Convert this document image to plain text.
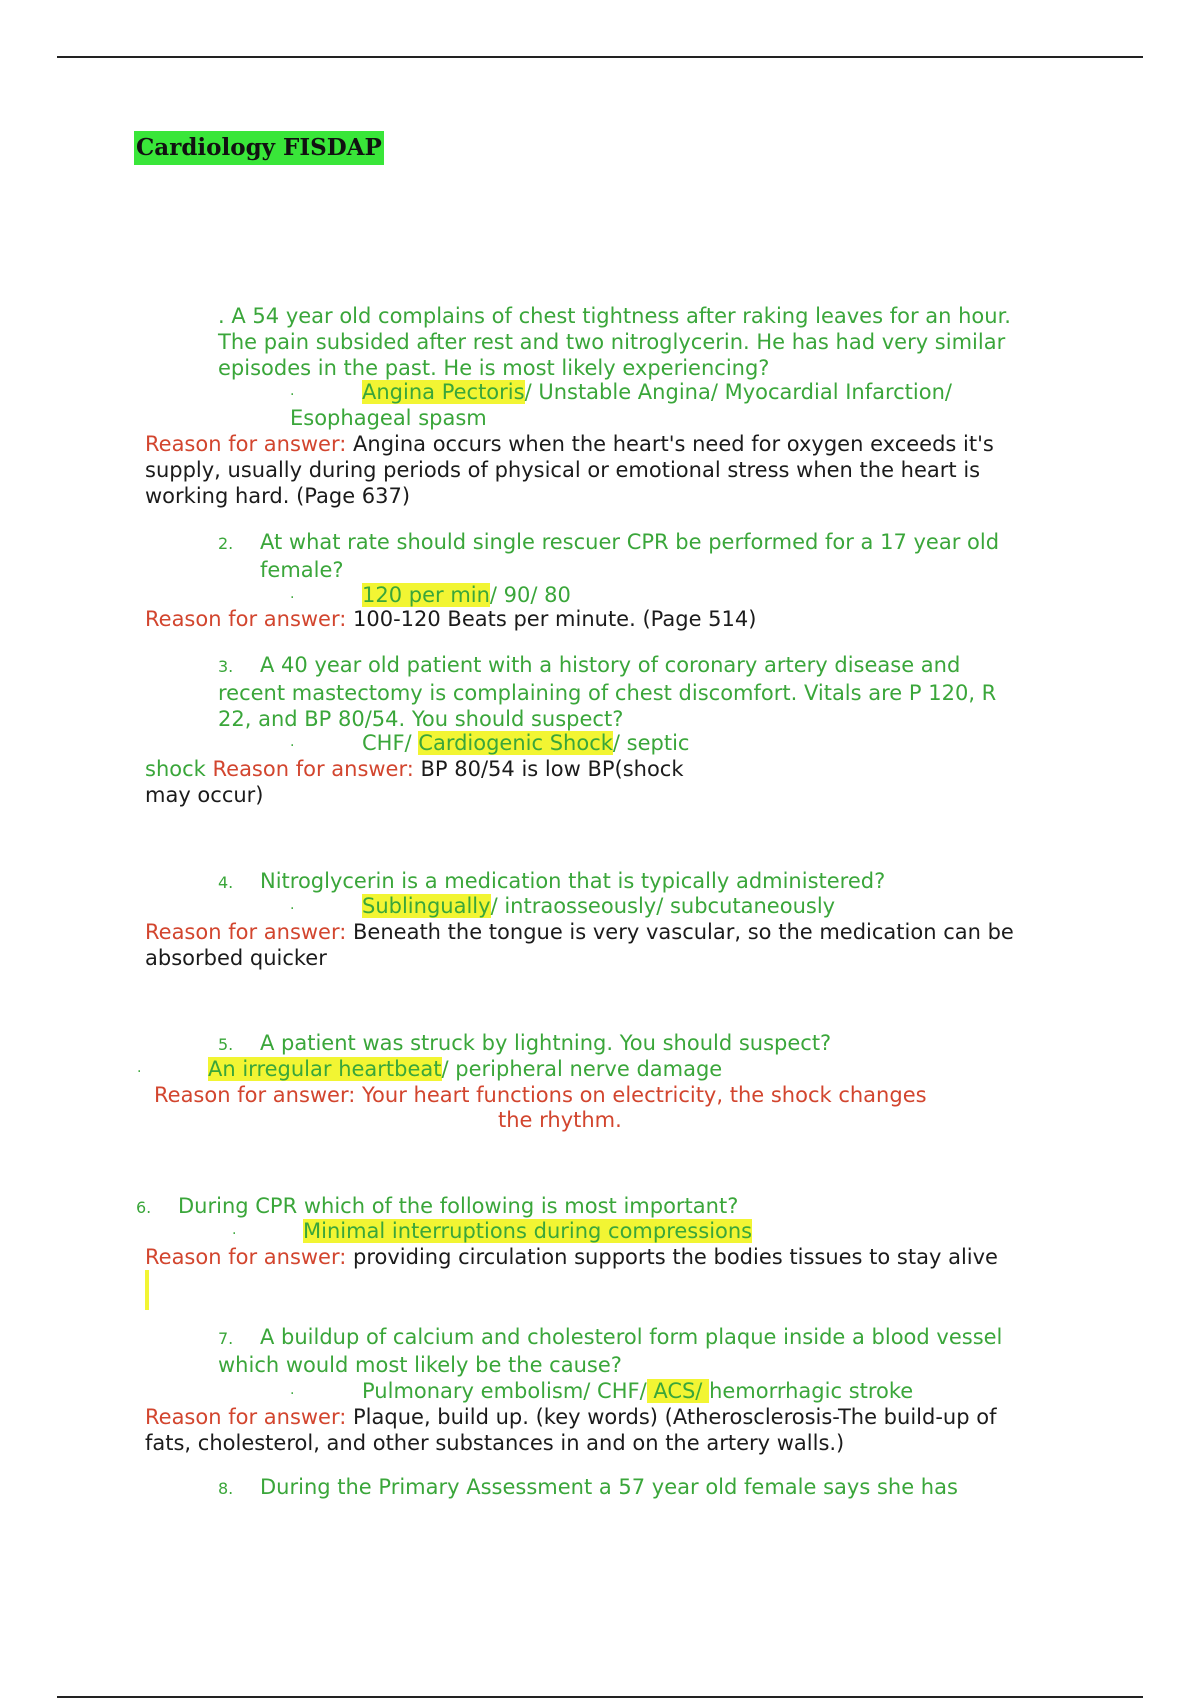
Cardiology FISDAP
. A 54 year old complains of chest tightness after raking leaves for an hour.
The pain subsided after rest and two nitroglycerin. He has had very similar
episodes in the past. He is most likely experiencing?
·	Angina Pectoris/ Unstable Angina/ Myocardial Infarction/
Esophageal spasm
Reason for answer: Angina occurs when the heart's need for oxygen exceeds it's
supply, usually during periods of physical or emotional stress when the heart is
working hard. (Page 637)
2. At what rate should single rescuer CPR be performed for a 17 year old
female?
·	120 per min/ 90/ 80
Reason for answer: 100-120 Beats per minute. (Page 514)
3. A 40 year old patient with a history of coronary artery disease and
recent mastectomy is complaining of chest discomfort. Vitals are P 120, R
22, and BP 80/54. You should suspect?
·	CHF/ Cardiogenic Shock/ septic
shock Reason for answer: BP 80/54 is low BP(shock
may occur)
4. Nitroglycerin is a medication that is typically administered?
·	Sublingually/ intraosseously/ subcutaneously
Reason for answer: Beneath the tongue is very vascular, so the medication can be
absorbed quicker
5. A patient was struck by lightning. You should suspect?
·	An irregular heartbeat/ peripheral nerve damage
Reason for answer: Your heart functions on electricity, the shock changes
the rhythm.
6. During CPR which of the following is most important?
·	Minimal interruptions during compressions
Reason for answer: providing circulation supports the bodies tissues to stay alive
7. A buildup of calcium and cholesterol form plaque inside a blood vessel
which would most likely be the cause?
·	Pulmonary embolism/ CHF/ ACS/ hemorrhagic stroke
Reason for answer: Plaque, build up. (key words) (Atherosclerosis-The build-up of
fats, cholesterol, and other substances in and on the artery walls.)
8. During the Primary Assessment a 57 year old female says she has
